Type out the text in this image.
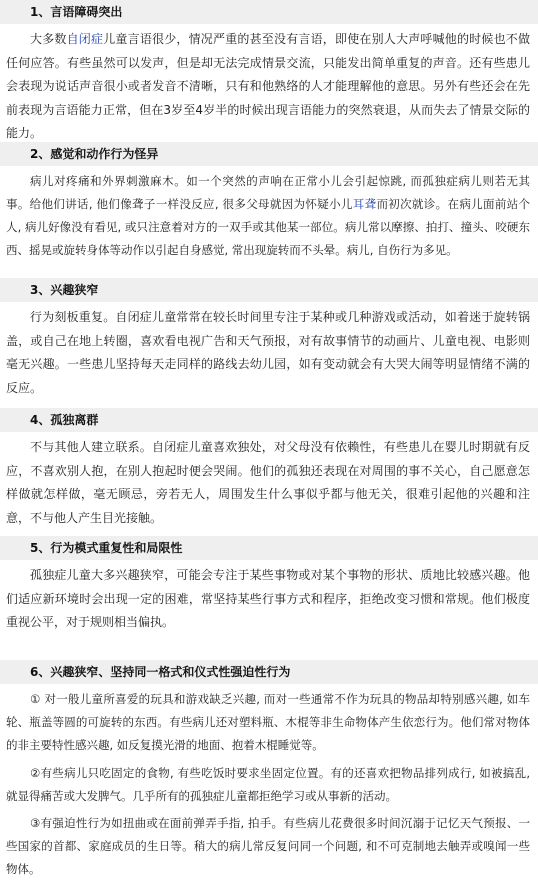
1、言语障碍突出
大多数自闭症儿童言语很少，情况严重的甚至没有言语，即使在别人大声呼喊他的时候也不做任何应答。有些虽然可以发声，但是却无法完成情景交流，只能发出简单重复的声音。还有些患儿会表现为说话声音很小或者发音不清晰，只有和他熟络的人才能理解他的意思。另外有些还会在先前表现为言语能力正常，但在3岁至4岁半的时候出现言语能力的突然衰退，从而失去了情景交际的能力。
2、感觉和动作行为怪异
病儿对疼痛和外界刺激麻木。如一个突然的声响在正常小儿会引起惊跳, 而孤独症病儿则若无其事。给他们讲话, 他们像聋子一样没反应, 很多父母就因为怀疑小儿耳聋而初次就诊。在病儿面前站个人, 病儿好像没有看见, 或只注意着对方的一双手或其他某一部位。病儿常以摩擦、拍打、撞头、咬硬东西、摇晃或旋转身体等动作以引起自身感觉, 常出现旋转而不头晕。病儿, 自伤行为多见。
3、兴趣狭窄
行为刻板重复。自闭症儿童常常在较长时间里专注于某种或几种游戏或活动，如着迷于旋转锅盖，或自己在地上转圈，喜欢看电视广告和天气预报，对有故事情节的动画片、儿童电视、电影则毫无兴趣。一些患儿坚持每天走同样的路线去幼儿园，如有变动就会有大哭大闹等明显情绪不满的反应。
4、孤独离群
不与其他人建立联系。自闭症儿童喜欢独处，对父母没有依赖性，有些患儿在婴儿时期就有反应，不喜欢别人抱，在别人抱起时便会哭闹。他们的孤独还表现在对周围的事不关心，自己愿意怎样做就怎样做，毫无顾忌，旁若无人，周围发生什么事似乎都与他无关，很难引起他的兴趣和注意，不与他人产生目光接触。
5、行为模式重复性和局限性
孤独症儿童大多兴趣狭窄，可能会专注于某些事物或对某个事物的形状、质地比较感兴趣。他们适应新环境时会出现一定的困难，常坚持某些行事方式和程序，拒绝改变习惯和常规。他们极度重视公平，对于规则相当偏执。
6、兴趣狭窄、坚持同一格式和仪式性强迫性行为
① 对一般儿童所喜爱的玩具和游戏缺乏兴趣, 而对一些通常不作为玩具的物品却特别感兴趣, 如车轮、瓶盖等圆的可旋转的东西。有些病儿还对塑料瓶、木棍等非生命物体产生依恋行为。他们常对物体的非主要特性感兴趣, 如反复摸光滑的地面、抱着木棍睡觉等。
②有些病儿只吃固定的食物, 有些吃饭时要求坐固定位置。有的还喜欢把物品排列成行, 如被搞乱, 就显得痛苦或大发脾气。几乎所有的孤独症儿童都拒绝学习或从事新的活动。
③有强迫性行为如扭曲或在面前弹弄手指, 拍手。有些病儿花费很多时间沉溺于记忆天气预报、一些国家的首都、家庭成员的生日等。稍大的病儿常反复问同一个问题, 和不可克制地去触弄或嗅闻一些物体。
